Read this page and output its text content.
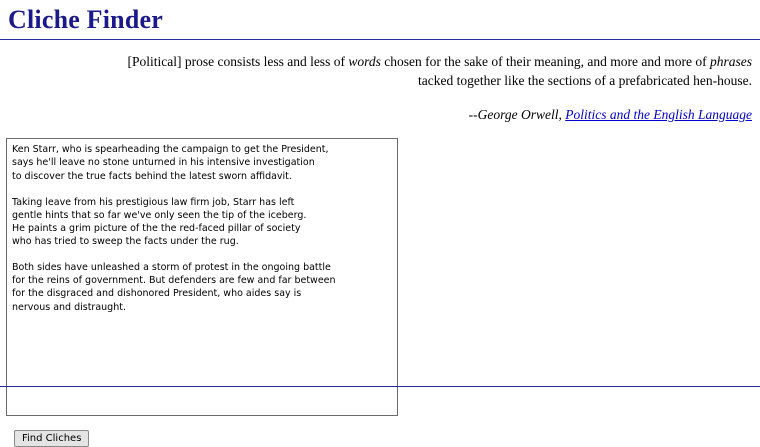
Cliche Finder
[Political] prose consists less and less of words chosen for the sake of their meaning, and more and more of phrases tacked together like the sections of a prefabricated hen-house.
--George Orwell, Politics and the English Language
Ken Starr, who is spearheading the campaign to get the President, says he'll leave no stone unturned in his intensive investigation to discover the true facts behind the latest sworn affidavit. Taking leave from his prestigious law firm job, Starr has left gentle hints that so far we've only seen the tip of the iceberg. He paints a grim picture of the the red-faced pillar of society who has tried to sweep the facts under the rug. Both sides have unleashed a storm of protest in the ongoing battle for the reins of government. But defenders are few and far between for the disgraced and dishonored President, who aides say is nervous and distraught.
Find Cliches
